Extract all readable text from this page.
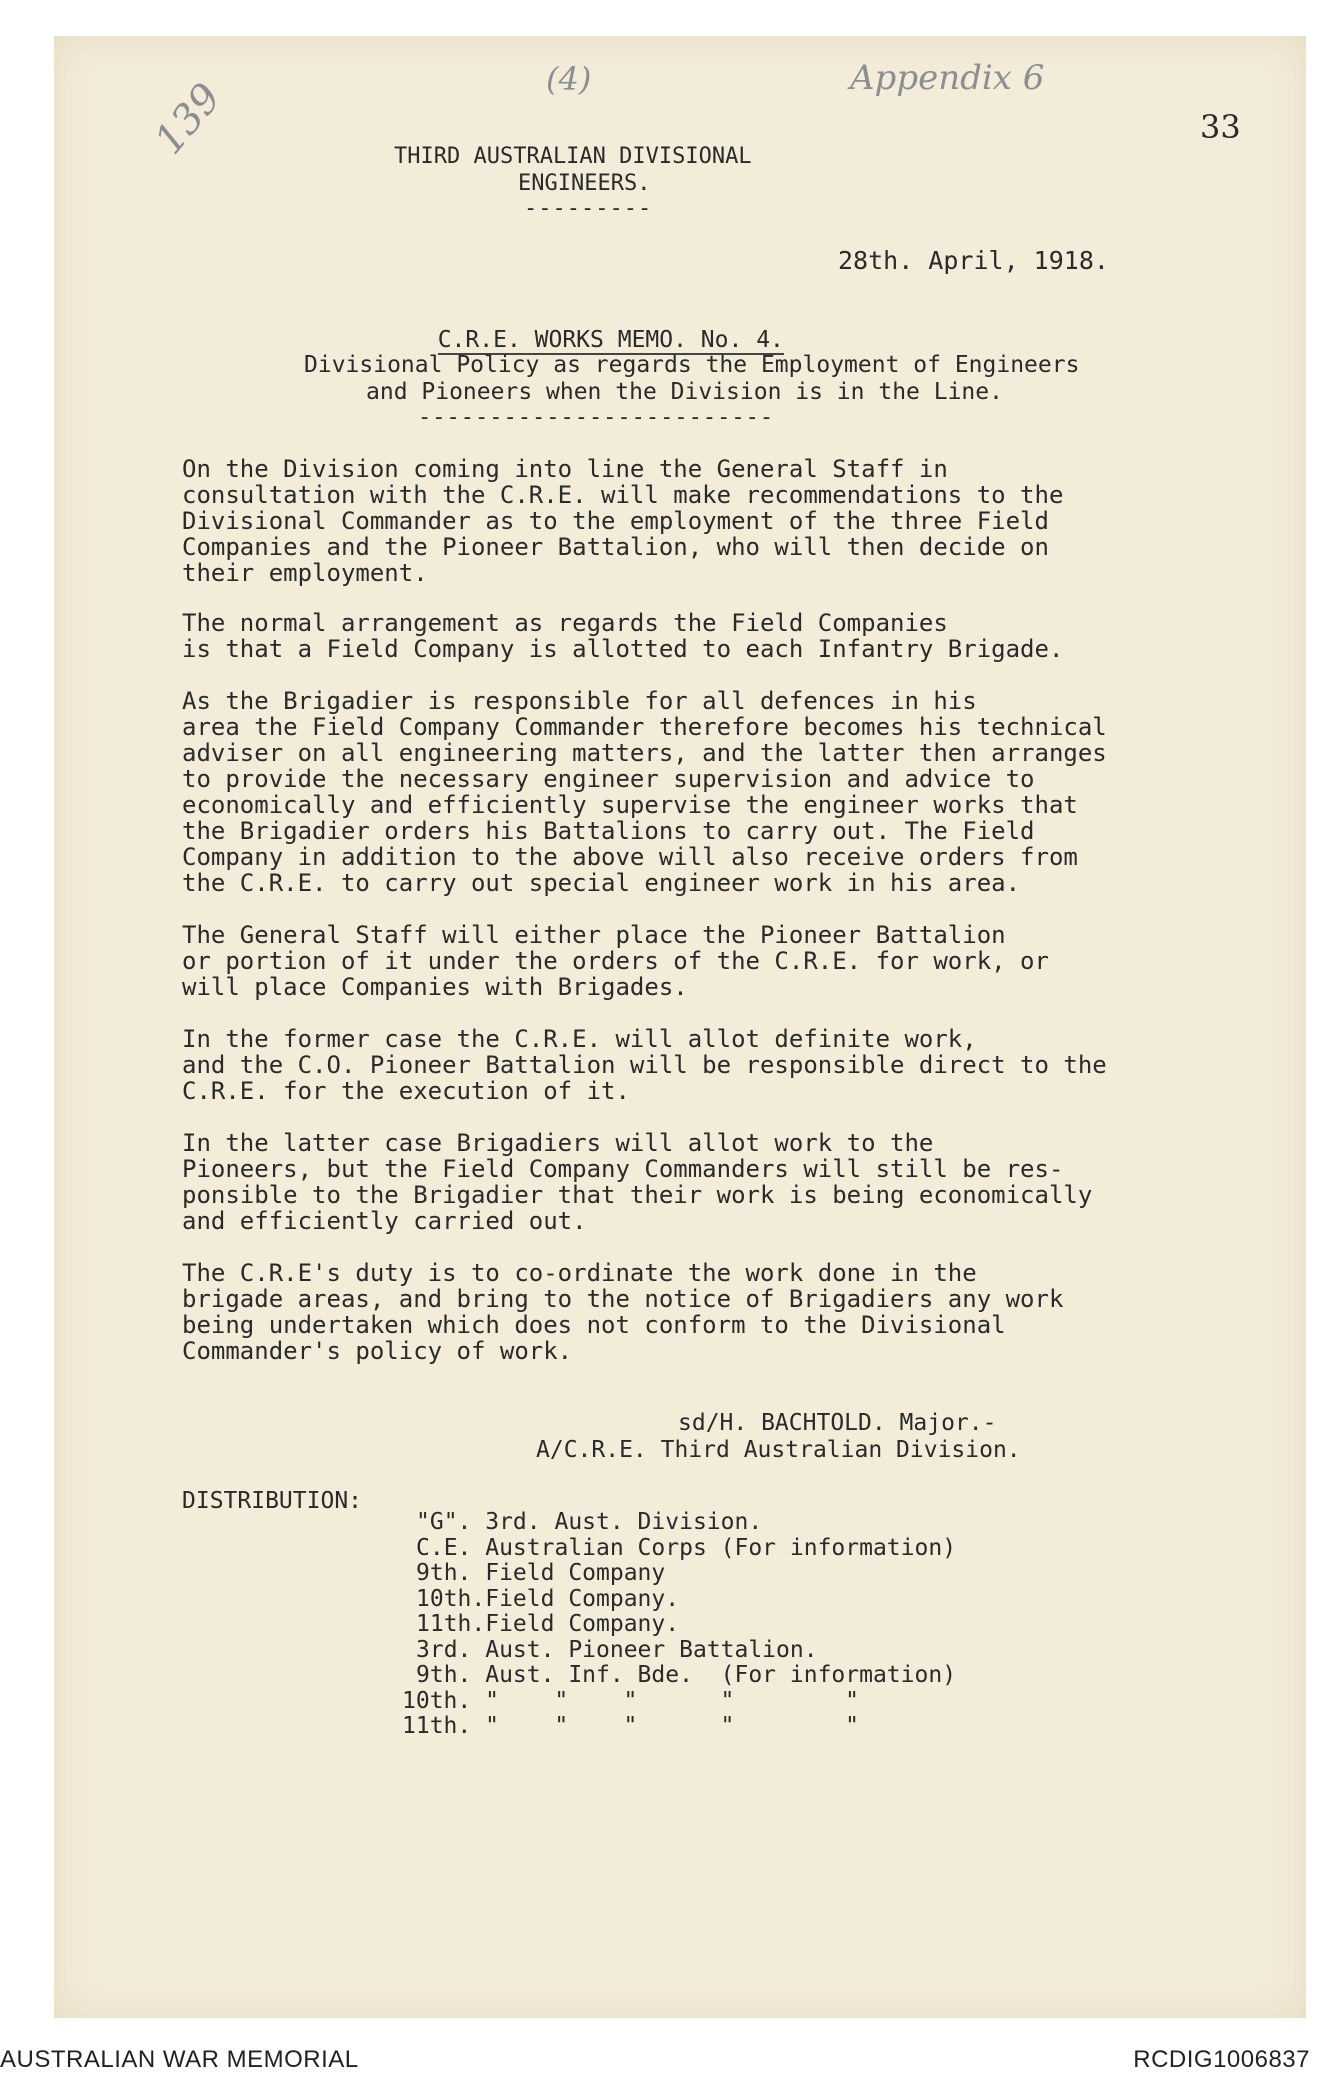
139	(4)	Appendix 6
33
THIRD AUSTRALIAN DIVISIONAL
ENGINEERS.
---------
28th. April, 1918.

C.R.E. WORKS MEMO. No. 4.

Divisional Policy as regards the Employment of Engineers
and Pioneers when the Division is in the Line.
-------------------------

On the Division coming into line the General Staff in
consultation with the C.R.E. will make recommendations to the
Divisional Commander as to the employment of the three Field
Companies and the Pioneer Battalion, who will then decide on
their employment.

The normal arrangement as regards the Field Companies
is that a Field Company is allotted to each Infantry Brigade.

As the Brigadier is responsible for all defences in his
area the Field Company Commander therefore becomes his technical
adviser on all engineering matters, and the latter then arranges
to provide the necessary engineer supervision and advice to
economically and efficiently supervise the engineer works that
the Brigadier orders his Battalions to carry out. The Field
Company in addition to the above will also receive orders from
the C.R.E. to carry out special engineer work in his area.

The General Staff will either place the Pioneer Battalion
or portion of it under the orders of the C.R.E. for work, or
will place Companies with Brigades.

In the former case the C.R.E. will allot definite work,
and the C.O. Pioneer Battalion will be responsible direct to the
C.R.E. for the execution of it.

In the latter case Brigadiers will allot work to the
Pioneers, but the Field Company Commanders will still be res-
ponsible to the Brigadier that their work is being economically
and efficiently carried out.

The C.R.E's duty is to co-ordinate the work done in the
brigade areas, and bring to the notice of Brigadiers any work
being undertaken which does not conform to the Divisional
Commander's policy of work.

sd/H. BACHTOLD. Major.-
A/C.R.E. Third Australian Division.
DISTRIBUTION:
"G". 3rd. Aust. Division.
C.E. Australian Corps (For information)
9th. Field Company
10th.Field Company.
11th.Field Company.
3rd. Aust. Pioneer Battalion.
9th. Aust. Inf. Bde.  (For information)
10th. "    "    "      "        "
11th. "    "    "      "        "
AUSTRALIAN WAR MEMORIAL	RCDIG1006837
